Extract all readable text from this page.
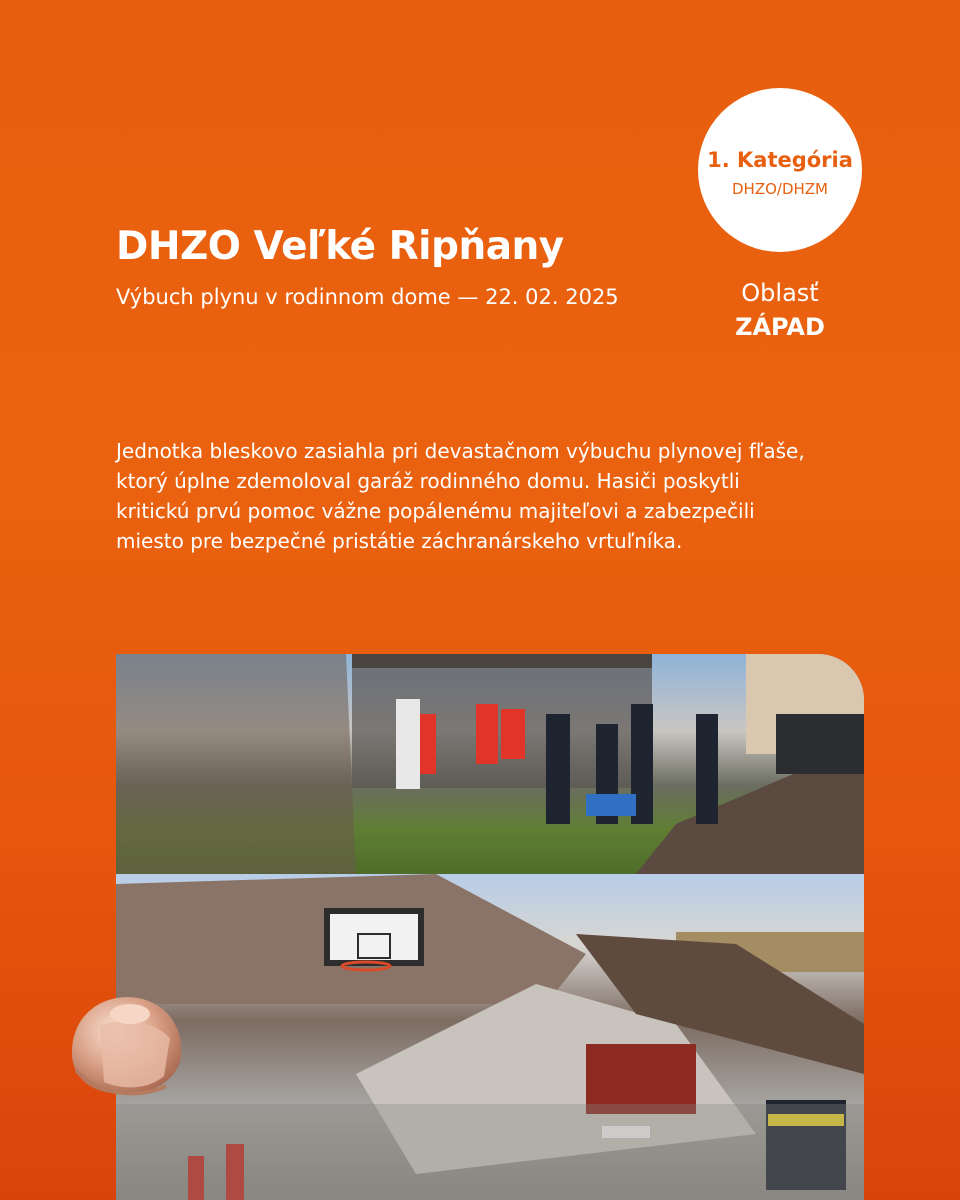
DHZO Veľké Ripňany

Výbuch plynu v rodinnom dome — 22. 02. 2025

1. Kategória
DHZO/DHZM
Oblasť
ZÁPAD

Jednotka bleskovo zasiahla pri devastačnom výbuchu plynovej fľaše, ktorý úplne zdemoloval garáž rodinného domu. Hasiči poskytli kritickú prvú pomoc vážne popálenému majiteľovi a zabezpečili miesto pre bezpečné pristátie záchranárskeho vrtuľníka.
